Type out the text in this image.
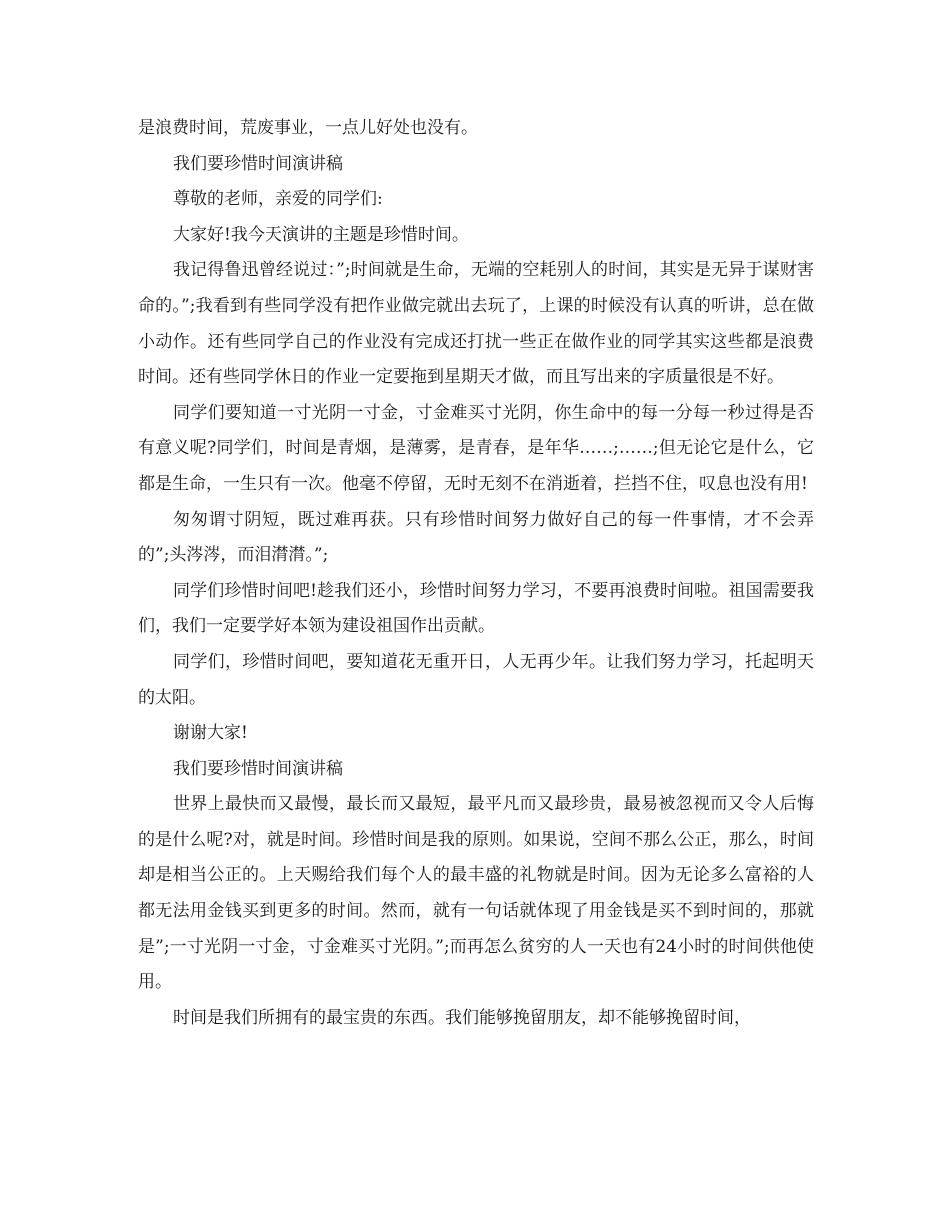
是浪费时间，荒废事业，一点儿好处也没有。

我们要珍惜时间演讲稿

尊敬的老师，亲爱的同学们:

大家好!我今天演讲的主题是珍惜时间。

我记得鲁迅曾经说过：”;时间就是生命，无端的空耗别人的时间，其实是无异于谋财害命的。”;我看到有些同学没有把作业做完就出去玩了，上课的时候没有认真的听讲，总在做小动作。还有些同学自己的作业没有完成还打扰一些正在做作业的同学其实这些都是浪费时间。还有些同学休日的作业一定要拖到星期天才做，而且写出来的字质量很是不好。

同学们要知道一寸光阴一寸金，寸金难买寸光阴，你生命中的每一分每一秒过得是否有意义呢?同学们，时间是青烟，是薄雾，是青春，是年华……;……;但无论它是什么，它都是生命，一生只有一次。他毫不停留，无时无刻不在消逝着，拦挡不住，叹息也没有用!

匆匆谓寸阴短，既过难再获。只有珍惜时间努力做好自己的每一件事情，才不会弄的”;头涔涔，而泪潸潸。”;

同学们珍惜时间吧!趁我们还小，珍惜时间努力学习，不要再浪费时间啦。祖国需要我们，我们一定要学好本领为建设祖国作出贡献。

同学们，珍惜时间吧，要知道花无重开日，人无再少年。让我们努力学习，托起明天的太阳。

谢谢大家!

我们要珍惜时间演讲稿

世界上最快而又最慢，最长而又最短，最平凡而又最珍贵，最易被忽视而又令人后悔的是什么呢?对，就是时间。珍惜时间是我的原则。如果说，空间不那么公正，那么，时间却是相当公正的。上天赐给我们每个人的最丰盛的礼物就是时间。因为无论多么富裕的人都无法用金钱买到更多的时间。然而，就有一句话就体现了用金钱是买不到时间的，那就是”;一寸光阴一寸金，寸金难买寸光阴。”;而再怎么贫穷的人一天也有24小时的时间供他使用。

时间是我们所拥有的最宝贵的东西。我们能够挽留朋友，却不能够挽留时间，
